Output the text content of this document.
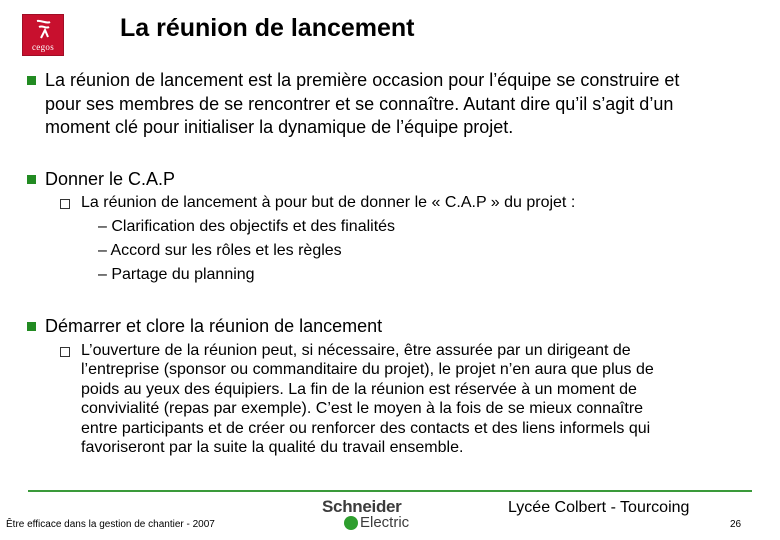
cegos
La réunion de lancement
La réunion de lancement est la première occasion pour l’équipe se construire et
pour ses membres de se rencontrer et se connaître. Autant dire qu’il s’agit d’un
moment clé pour initialiser la dynamique de l’équipe projet.
Donner le C.A.P
La réunion de lancement à pour but de donner le « C.A.P » du projet :
– Clarification des objectifs et des finalités
– Accord sur les rôles et les règles
– Partage du planning
Démarrer et clore la réunion de lancement
L’ouverture de la réunion peut, si nécessaire, être assurée par un dirigeant de
l’entreprise (sponsor ou commanditaire du projet), le projet n’en aura que plus de
poids au yeux des équipiers. La fin de la réunion est réservée à un moment de
convivialité (repas par exemple). C’est le moyen à la fois de se mieux connaître
entre participants et de créer ou renforcer des contacts et des liens informels qui
favoriseront par la suite la qualité du travail ensemble.
Schneider
Electric
Être efficace dans la gestion de chantier - 2007
Lycée Colbert - Tourcoing
26
